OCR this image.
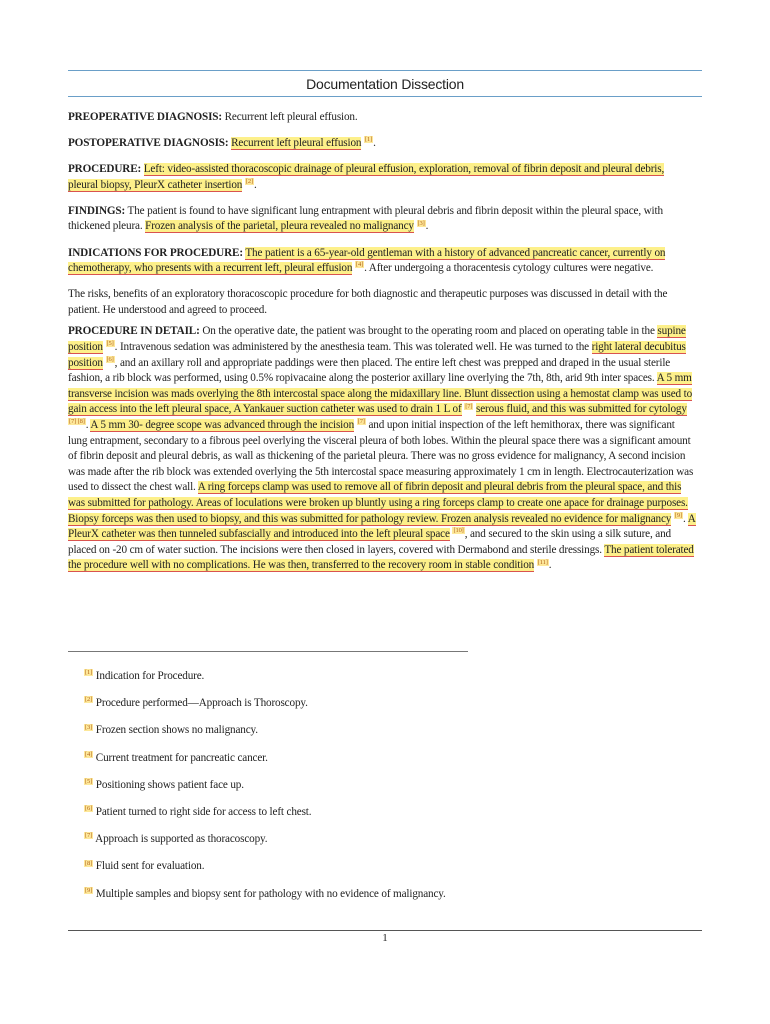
Documentation Dissection

PREOPERATIVE DIAGNOSIS: Recurrent left pleural effusion.

POSTOPERATIVE DIAGNOSIS: Recurrent left pleural effusion [1].

PROCEDURE: Left: video-assisted thoracoscopic drainage of pleural effusion, exploration, removal of fibrin deposit and pleural debris, pleural biopsy, PleurX catheter insertion [2].

FINDINGS: The patient is found to have significant lung entrapment with pleural debris and fibrin deposit within the pleural space, with thickened pleura. Frozen analysis of the parietal, pleura revealed no malignancy [3].

INDICATIONS FOR PROCEDURE: The patient is a 65-year-old gentleman with a history of advanced pancreatic cancer, currently on chemotherapy, who presents with a recurrent left, pleural effusion [4]. After undergoing a thoracentesis cytology cultures were negative.

The risks, benefits of an exploratory thoracoscopic procedure for both diagnostic and therapeutic purposes was discussed in detail with the patient. He understood and agreed to proceed.

PROCEDURE IN DETAIL: On the operative date, the patient was brought to the operating room and placed on operating table in the supine position [5]. Intravenous sedation was administered by the anesthesia team. This was tolerated well. He was turned to the right lateral decubitus position [6], and an axillary roll and appropriate paddings were then placed. The entire left chest was prepped and draped in the usual sterile fashion, a rib block was performed, using 0.5% ropivacaine along the posterior axillary line overlying the 7th, 8th, arid 9th inter spaces. A 5 mm transverse incision was mads overlying the 8th intercostal space along the midaxillary line. Blunt dissection using a hemostat clamp was used to gain access into the left pleural space, A Yankauer suction catheter was used to drain 1 L of [7] serous fluid, and this was submitted for cytology [7] [8]. A 5 mm 30- degree scope was advanced through the incision [7] and upon initial inspection of the left hemithorax, there was significant lung entrapment, secondary to a fibrous peel overlying the visceral pleura of both lobes. Within the pleural space there was a significant amount of fibrin deposit and pleural debris, as wall as thickening of the parietal pleura. There was no gross evidence for malignancy, A second incision was made after the rib block was extended overlying the 5th intercostal space measuring approximately 1 cm in length. Electrocauterization was used to dissect the chest wall. A ring forceps clamp was used to remove all of fibrin deposit and pleural debris from the pleural space, and this was submitted for pathology. Areas of loculations were broken up bluntly using a ring forceps clamp to create one apace for drainage purposes. Biopsy forceps was then used to biopsy, and this was submitted for pathology review. Frozen analysis revealed no evidence for malignancy [9]. A PleurX catheter was then tunneled subfascially and introduced into the left pleural space [10], and secured to the skin using a silk suture, and placed on -20 cm of water suction. The incisions were then closed in layers, covered with Dermabond and sterile dressings. The patient tolerated the procedure well with no complications. He was then, transferred to the recovery room in stable condition [11].

[1] Indication for Procedure.
[2] Procedure performed—Approach is Thoroscopy.
[3] Frozen section shows no malignancy.
[4] Current treatment for pancreatic cancer.
[5] Positioning shows patient face up.
[6] Patient turned to right side for access to left chest.
[7] Approach is supported as thoracoscopy.
[8] Fluid sent for evaluation.
[9] Multiple samples and biopsy sent for pathology with no evidence of malignancy.
1
